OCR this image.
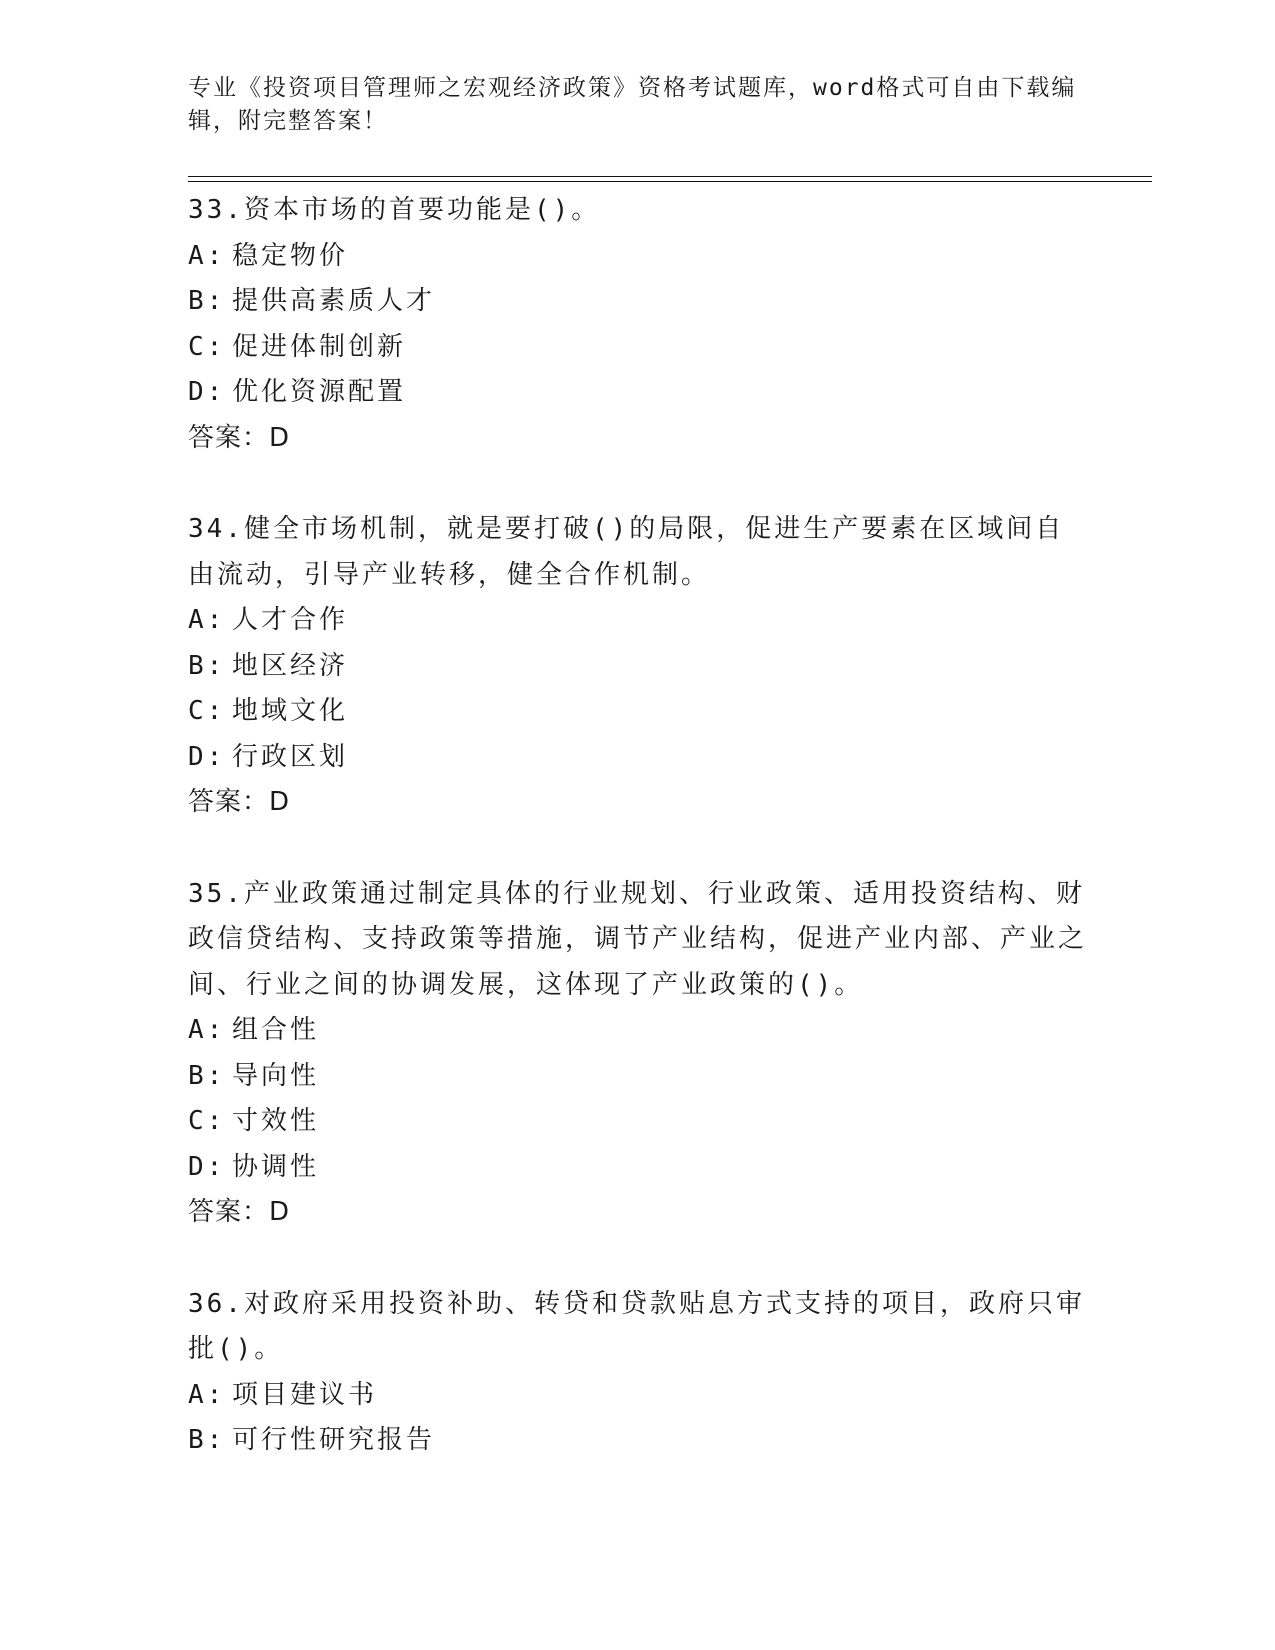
专业《投资项目管理师之宏观经济政策》资格考试题库，word格式可自由下载编辑，附完整答案！

33.资本市场的首要功能是()。

A: 稳定物价

B: 提供高素质人才

C: 促进体制创新

D: 优化资源配置

答案：D

34.健全市场机制，就是要打破()的局限，促进生产要素在区域间自由流动，引导产业转移，健全合作机制。

A: 人才合作

B: 地区经济

C: 地域文化

D: 行政区划

答案：D

35.产业政策通过制定具体的行业规划、行业政策、适用投资结构、财政信贷结构、支持政策等措施，调节产业结构，促进产业内部、产业之间、行业之间的协调发展，这体现了产业政策的()。

A: 组合性

B: 导向性

C: 寸效性

D: 协调性

答案：D

36.对政府采用投资补助、转贷和贷款贴息方式支持的项目，政府只审批()。

A: 项目建议书

B: 可行性研究报告
